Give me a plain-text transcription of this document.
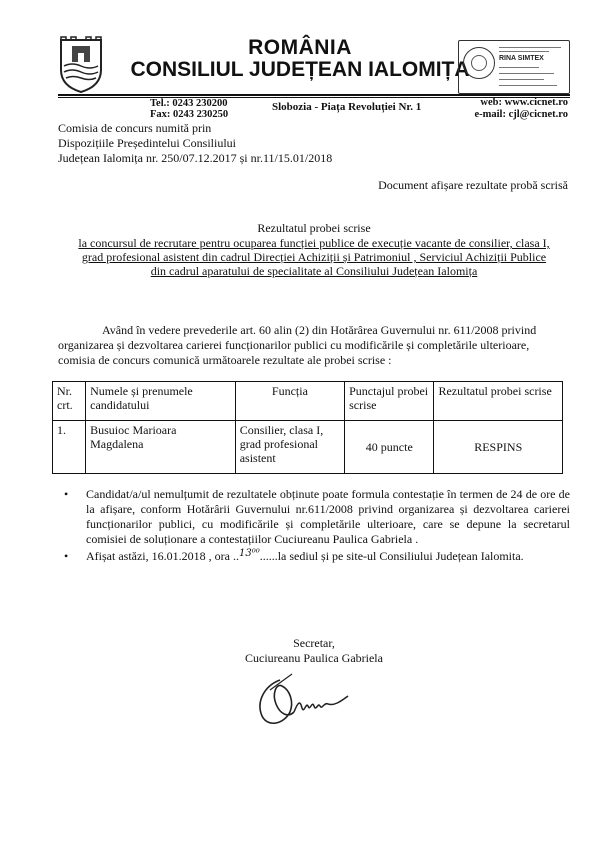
ROMÂNIA
CONSILIUL JUDEȚEAN IALOMIȚA	RINA SIMTEX
Tel.: 0243 230200
Fax: 0243 230250
Slobozia - Piața Revoluției Nr. 1	web: www.cicnet.ro
e-mail: cjl@cicnet.ro
Comisia de concurs numită prin
Dispozițiile Președintelui Consiliului
Județean Ialomița nr. 250/07.12.2017 și nr.11/15.01/2018
Document afișare rezultate probă scrisă
Rezultatul probei scrise
la concursul de recrutare pentru ocuparea funcției publice de execuție vacante de consilier, clasa I,
grad profesional asistent din cadrul Direcției Achiziții și Patrimoniul , Serviciul Achiziții Publice
din cadrul aparatului de specialitate al Consiliului Județean Ialomița

Având în vedere prevederile art. 60 alin (2) din Hotărârea Guvernului nr. 611/2008 privind

organizarea și dezvoltarea carierei funcționarilor publici cu modificările și completările ulterioare,

comisia de concurs comunică următoarele rezultate ale probei scrise :

Nr. crt.	Numele și prenumele candidatului	Funcția	Punctajul probei scrise	Rezultatul probei scrise
1.	Busuioc Marioara Magdalena	Consilier, clasa I, grad profesional asistent	40 puncte	RESPINS
• Candidat/a/ul nemulțumit de rezultatele obținute poate formula contestație în termen de 24 de ore de la afișare, conform Hotărârii Guvernului nr.611/2008 privind organizarea și dezvoltarea carierei funcționarilor publici, cu modificările și completările ulterioare, care se depune la secretarul comisiei de soluționare a contestațiilor Cuciureanu Paulica Gabriela .
• Afișat astăzi, 16.01.2018 , ora ..$^{13^{00}}$......la sediul și pe site-ul Consiliului Județean Ialomita.
Secretar,
Cuciureanu Paulica Gabriela
